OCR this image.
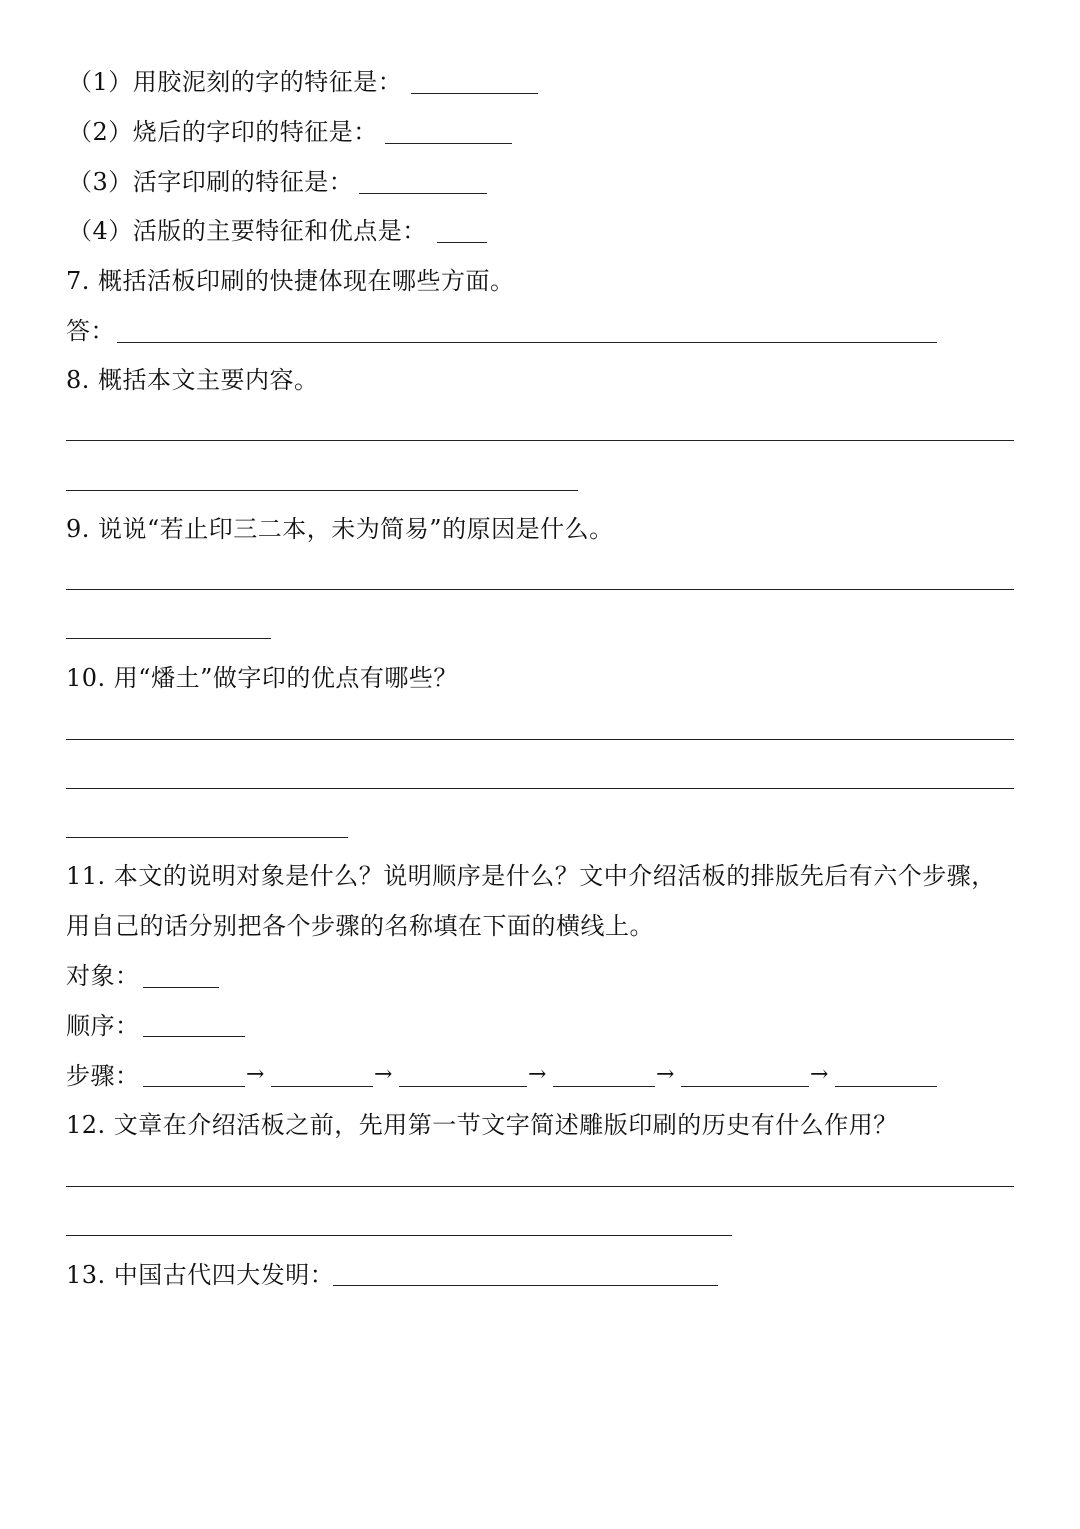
（1）用胶泥刻的字的特征是：
（2）烧后的字印的特征是：
（3）活字印刷的特征是：
（4）活版的主要特征和优点是：
7. 概括活板印刷的快捷体现在哪些方面。
答：
8. 概括本文主要内容。
9. 说说“若止印三二本，未为简易”的原因是什么。
10. 用“燔土”做字印的优点有哪些？
11. 本文的说明对象是什么？说明顺序是什么？文中介绍活板的排版先后有六个步骤，
用自己的话分别把各个步骤的名称填在下面的横线上。
对象：
顺序：
步骤：	→	→	→	→	→
12. 文章在介绍活板之前，先用第一节文字简述雕版印刷的历史有什么作用？
13. 中国古代四大发明：
